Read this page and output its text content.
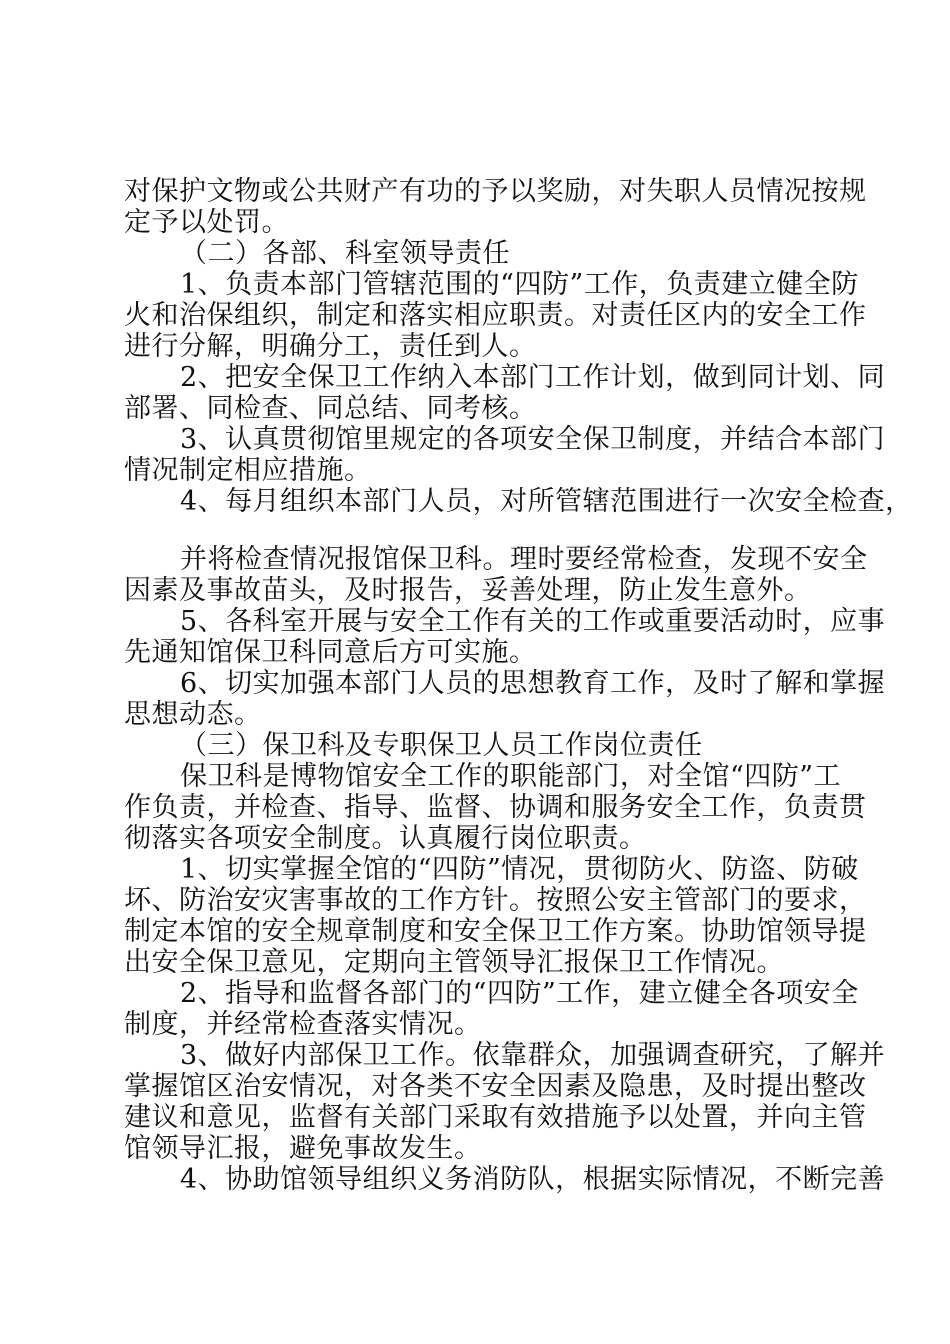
对保护文物或公共财产有功的予以奖励，对失职人员情况按规
定予以处罚。
（二）各部、科室领导责任
1、负责本部门管辖范围的“四防”工作，负责建立健全防
火和治保组织，制定和落实相应职责。对责任区内的安全工作
进行分解，明确分工，责任到人。
2、把安全保卫工作纳入本部门工作计划，做到同计划、同
部署、同检查、同总结、同考核。
3、认真贯彻馆里规定的各项安全保卫制度，并结合本部门
情况制定相应措施。
4、每月组织本部门人员，对所管辖范围进行一次安全检查，
并将检查情况报馆保卫科。理时要经常检查，发现不安全
因素及事故苗头，及时报告，妥善处理，防止发生意外。
5、各科室开展与安全工作有关的工作或重要活动时，应事
先通知馆保卫科同意后方可实施。
6、切实加强本部门人员的思想教育工作，及时了解和掌握
思想动态。
（三）保卫科及专职保卫人员工作岗位责任
保卫科是博物馆安全工作的职能部门，对全馆“四防”工
作负责，并检查、指导、监督、协调和服务安全工作，负责贯
彻落实各项安全制度。认真履行岗位职责。
1、切实掌握全馆的“四防”情况，贯彻防火、防盗、防破
坏、防治安灾害事故的工作方针。按照公安主管部门的要求，
制定本馆的安全规章制度和安全保卫工作方案。协助馆领导提
出安全保卫意见，定期向主管领导汇报保卫工作情况。
2、指导和监督各部门的“四防”工作，建立健全各项安全
制度，并经常检查落实情况。
3、做好内部保卫工作。依靠群众，加强调查研究，了解并
掌握馆区治安情况，对各类不安全因素及隐患，及时提出整改
建议和意见，监督有关部门采取有效措施予以处置，并向主管
馆领导汇报，避免事故发生。
4、协助馆领导组织义务消防队，根据实际情况，不断完善
